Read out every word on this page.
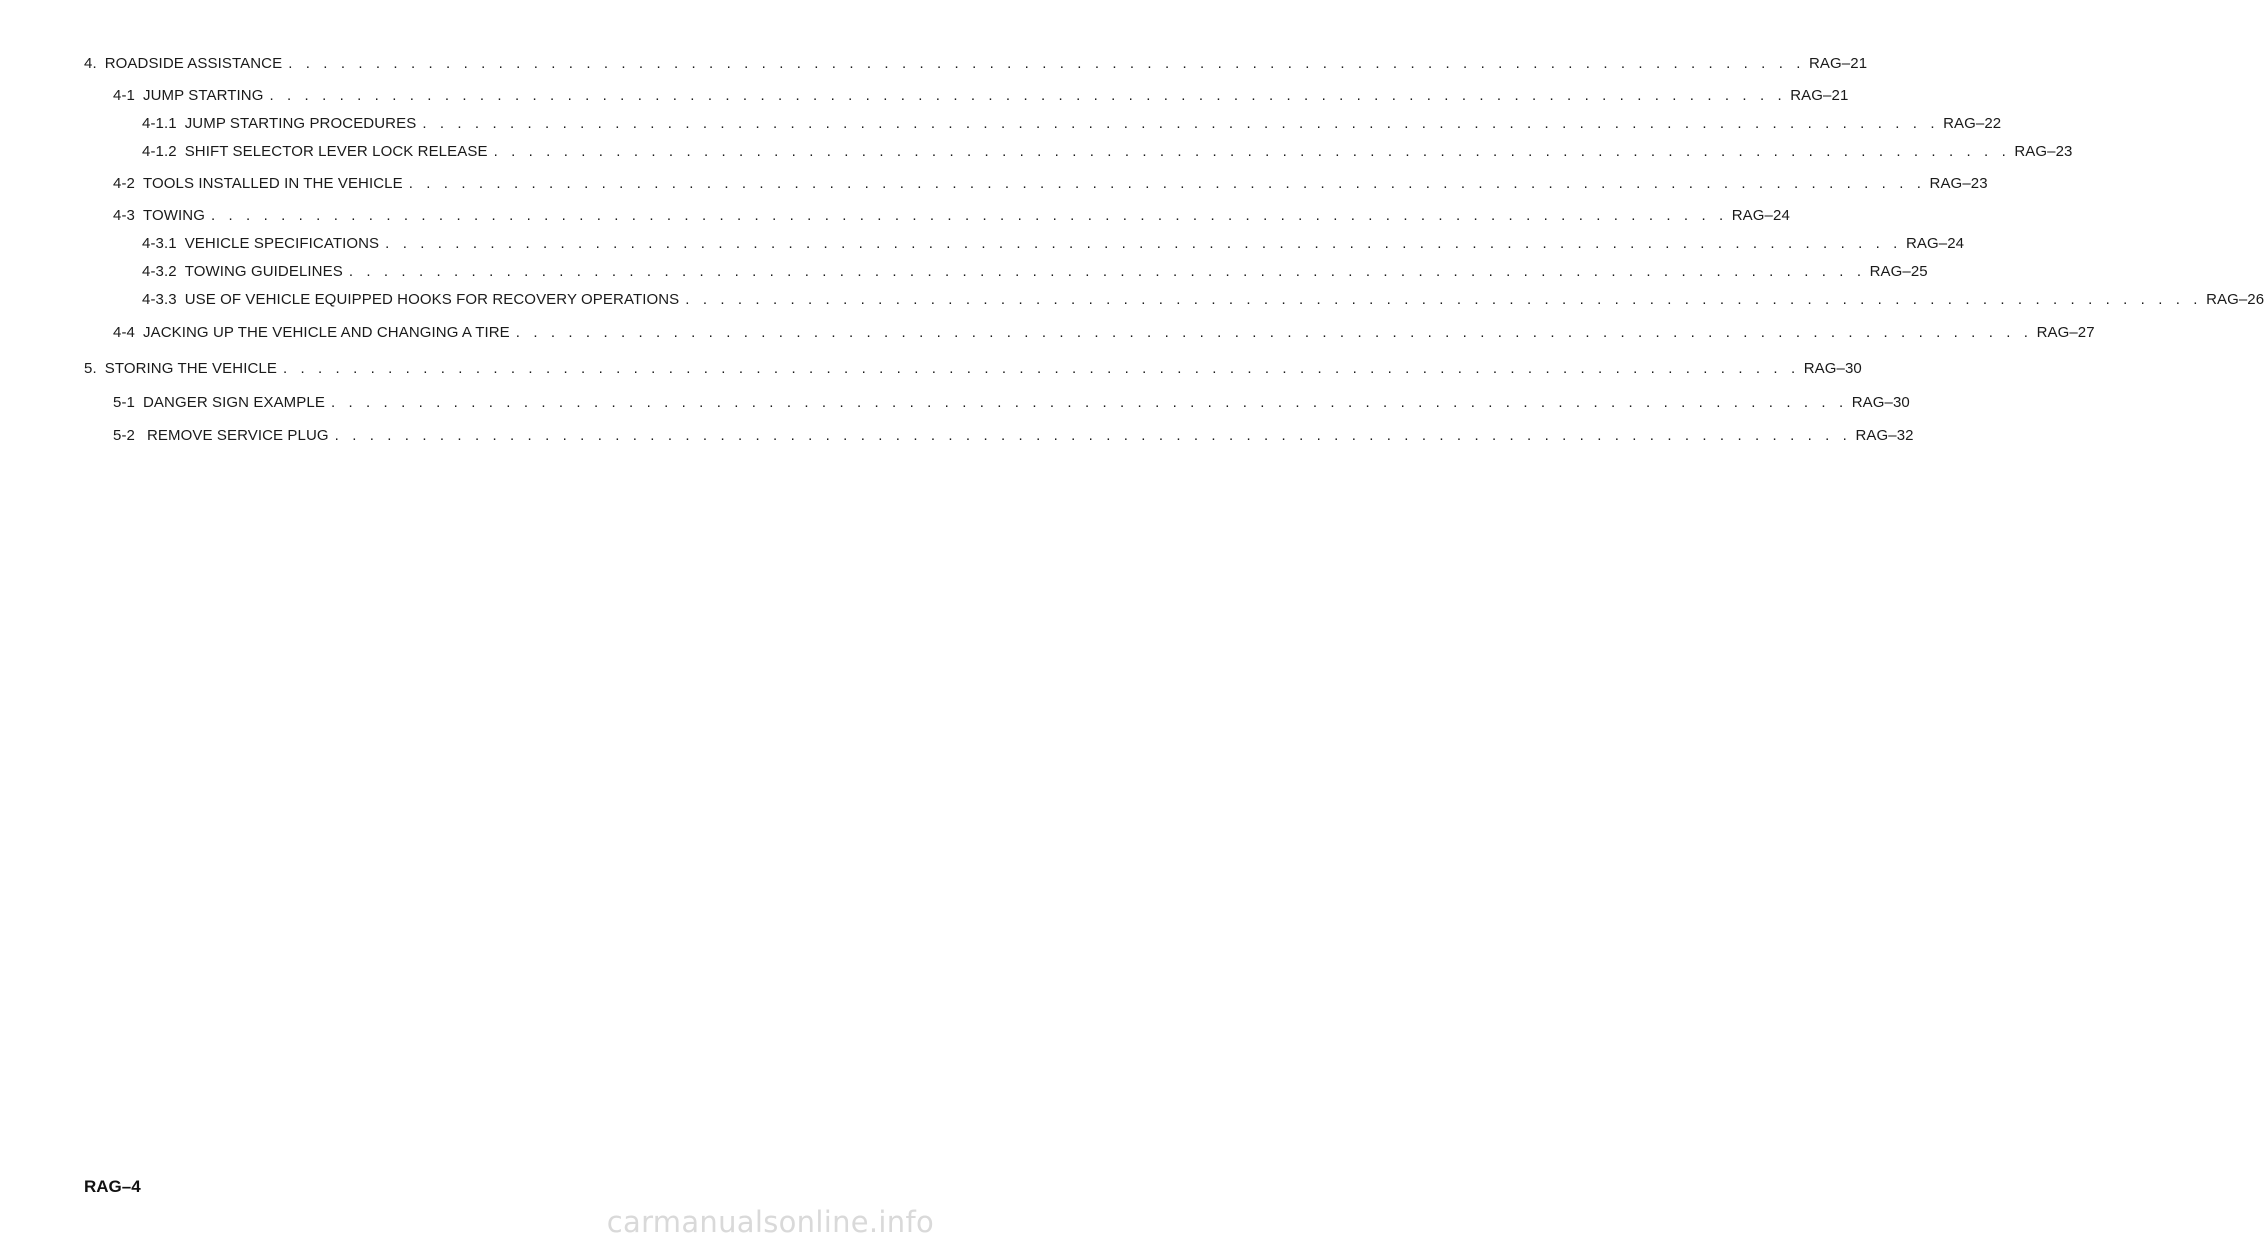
4. ROADSIDE ASSISTANCE . . . . . . . . . . . . . . . . . . . . . . . . . . . . . . . . . . . . . . . . . . . . . . . . . . . . . . . . . . . . . . . . . . . . . . . . . . . . . . . . . . . . . . . RAG–21
4-1 JUMP STARTING . . . . . . . . . . . . . . . . . . . . . . . . . . . . . . . . . . . . . . . . . . . . . . . . . . . . . . . . . . . . . . . . . . . . . . . . . . . . . . . . . . . . . . . RAG–21
4-1.1 JUMP STARTING PROCEDURES . . . . . . . . . . . . . . . . . . . . . . . . . . . . . . . . . . . . . . . . . . . . . . . . . . . . . . . . . . . . . . . . . . . . . . . . . . . . . . . . . . . . . . . RAG–22
4-1.2 SHIFT SELECTOR LEVER LOCK RELEASE . . . . . . . . . . . . . . . . . . . . . . . . . . . . . . . . . . . . . . . . . . . . . . . . . . . . . . . . . . . . . . . . . . . . . . . . . . . . . . . . . . . . . . . RAG–23
4-2 TOOLS INSTALLED IN THE VEHICLE . . . . . . . . . . . . . . . . . . . . . . . . . . . . . . . . . . . . . . . . . . . . . . . . . . . . . . . . . . . . . . . . . . . . . . . . . . . . . . . . . . . . . . . RAG–23
4-3 TOWING . . . . . . . . . . . . . . . . . . . . . . . . . . . . . . . . . . . . . . . . . . . . . . . . . . . . . . . . . . . . . . . . . . . . . . . . . . . . . . . . . . . . . . . RAG–24
4-3.1 VEHICLE SPECIFICATIONS . . . . . . . . . . . . . . . . . . . . . . . . . . . . . . . . . . . . . . . . . . . . . . . . . . . . . . . . . . . . . . . . . . . . . . . . . . . . . . . . . . . . . . . RAG–24
4-3.2 TOWING GUIDELINES . . . . . . . . . . . . . . . . . . . . . . . . . . . . . . . . . . . . . . . . . . . . . . . . . . . . . . . . . . . . . . . . . . . . . . . . . . . . . . . . . . . . . . . RAG–25
4-3.3 USE OF VEHICLE EQUIPPED HOOKS FOR RECOVERY OPERATIONS . . . . . . . . . . . . . . . . . . . . . . . . . . . . . . . . . . . . . . . . . . . . . . . . . . . . . . . . . . . . . . . . . . . . . . . . . . . . . . . . . . . . . . . RAG–26
4-4 JACKING UP THE VEHICLE AND CHANGING A TIRE . . . . . . . . . . . . . . . . . . . . . . . . . . . . . . . . . . . . . . . . . . . . . . . . . . . . . . . . . . . . . . . . . . . . . . . . . . . . . . . . . . . . . . . RAG–27
5. STORING THE VEHICLE . . . . . . . . . . . . . . . . . . . . . . . . . . . . . . . . . . . . . . . . . . . . . . . . . . . . . . . . . . . . . . . . . . . . . . . . . . . . . . . . . . . . . . . RAG–30
5-1 DANGER SIGN EXAMPLE . . . . . . . . . . . . . . . . . . . . . . . . . . . . . . . . . . . . . . . . . . . . . . . . . . . . . . . . . . . . . . . . . . . . . . . . . . . . . . . . . . . . . . . RAG–30
5-2 REMOVE SERVICE PLUG . . . . . . . . . . . . . . . . . . . . . . . . . . . . . . . . . . . . . . . . . . . . . . . . . . . . . . . . . . . . . . . . . . . . . . . . . . . . . . . . . . . . . . . RAG–32
RAG–4
carmanualsonline.info
